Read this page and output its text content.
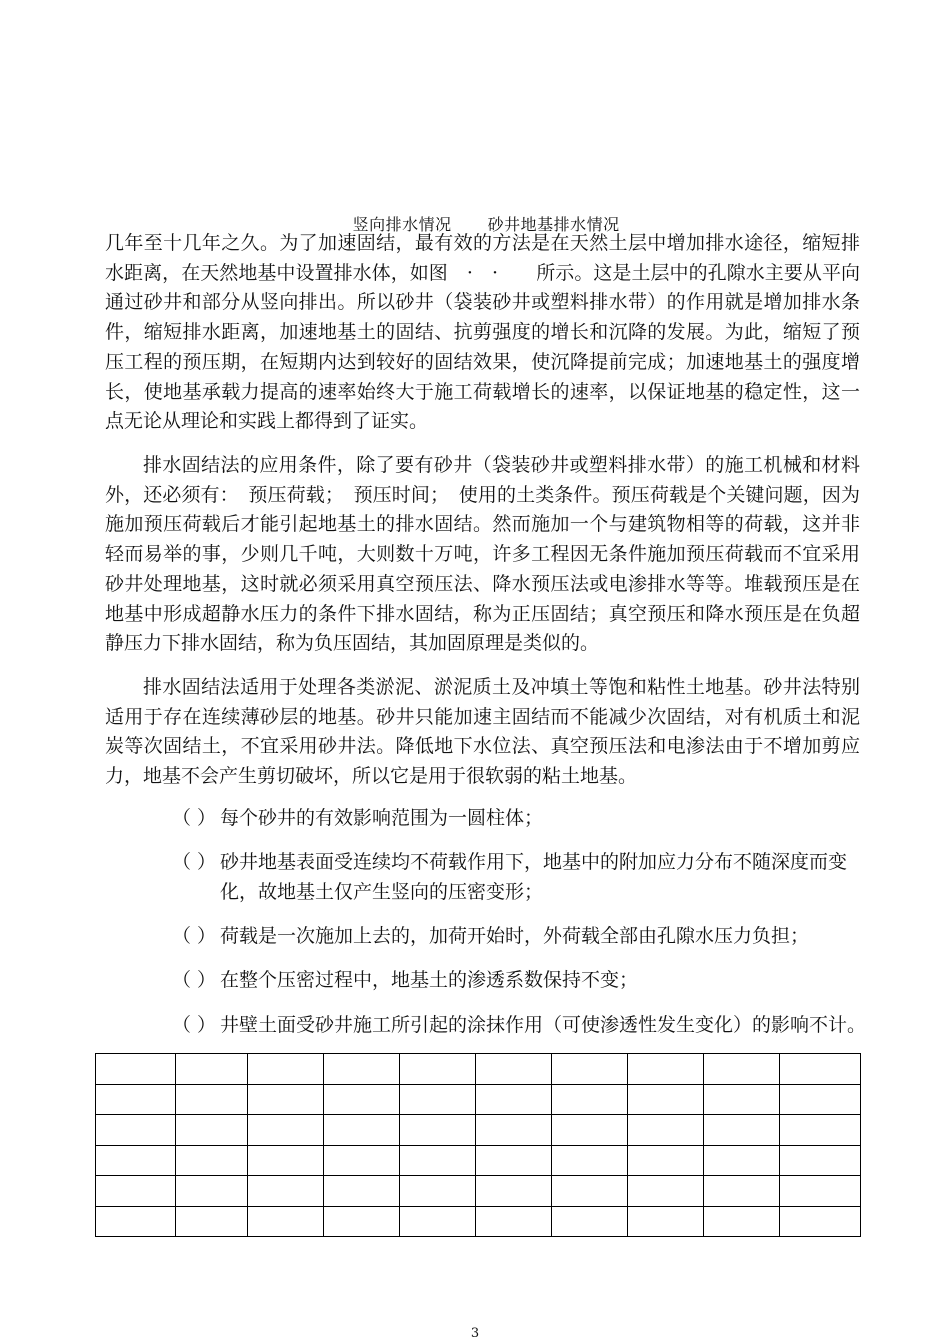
竖向排水情况 砂井地基排水情况

几年至十几年之久。为了加速固结，最有效的方法是在天然土层中增加排水途径，缩短排水距离，在天然地基中设置排水体，如图　·　·　　所示。这是土层中的孔隙水主要从平向通过砂井和部分从竖向排出。所以砂井（袋装砂井或塑料排水带）的作用就是增加排水条件，缩短排水距离，加速地基土的固结、抗剪强度的增长和沉降的发展。为此，缩短了预压工程的预压期，在短期内达到较好的固结效果，使沉降提前完成；加速地基土的强度增长，使地基承载力提高的速率始终大于施工荷载增长的速率，以保证地基的稳定性，这一点无论从理论和实践上都得到了证实。

排水固结法的应用条件，除了要有砂井（袋装砂井或塑料排水带）的施工机械和材料外，还必须有：　预压荷载；　预压时间；　使用的土类条件。预压荷载是个关键问题，因为施加预压荷载后才能引起地基土的排水固结。然而施加一个与建筑物相等的荷载，这并非轻而易举的事，少则几千吨，大则数十万吨，许多工程因无条件施加预压荷载而不宜采用砂井处理地基，这时就必须采用真空预压法、降水预压法或电渗排水等等。堆载预压是在地基中形成超静水压力的条件下排水固结，称为正压固结；真空预压和降水预压是在负超静压力下排水固结，称为负压固结，其加固原理是类似的。

排水固结法适用于处理各类淤泥、淤泥质土及冲填土等饱和粘性土地基。砂井法特别适用于存在连续薄砂层的地基。砂井只能加速主固结而不能减少次固结，对有机质土和泥炭等次固结土，不宜采用砂井法。降低地下水位法、真空预压法和电渗法由于不增加剪应力，地基不会产生剪切破坏，所以它是用于很软弱的粘土地基。

（ ） 每个砂井的有效影响范围为一圆柱体；
（ ） 砂井地基表面受连续均不荷载作用下，地基中的附加应力分布不随深度而变化，故地基土仅产生竖向的压密变形；
（ ） 荷载是一次施加上去的，加荷开始时，外荷载全部由孔隙水压力负担；
（ ） 在整个压密过程中，地基土的渗透系数保持不变；
（ ） 井壁土面受砂井施工所引起的涂抹作用（可使渗透性发生变化）的影响不计。

3
